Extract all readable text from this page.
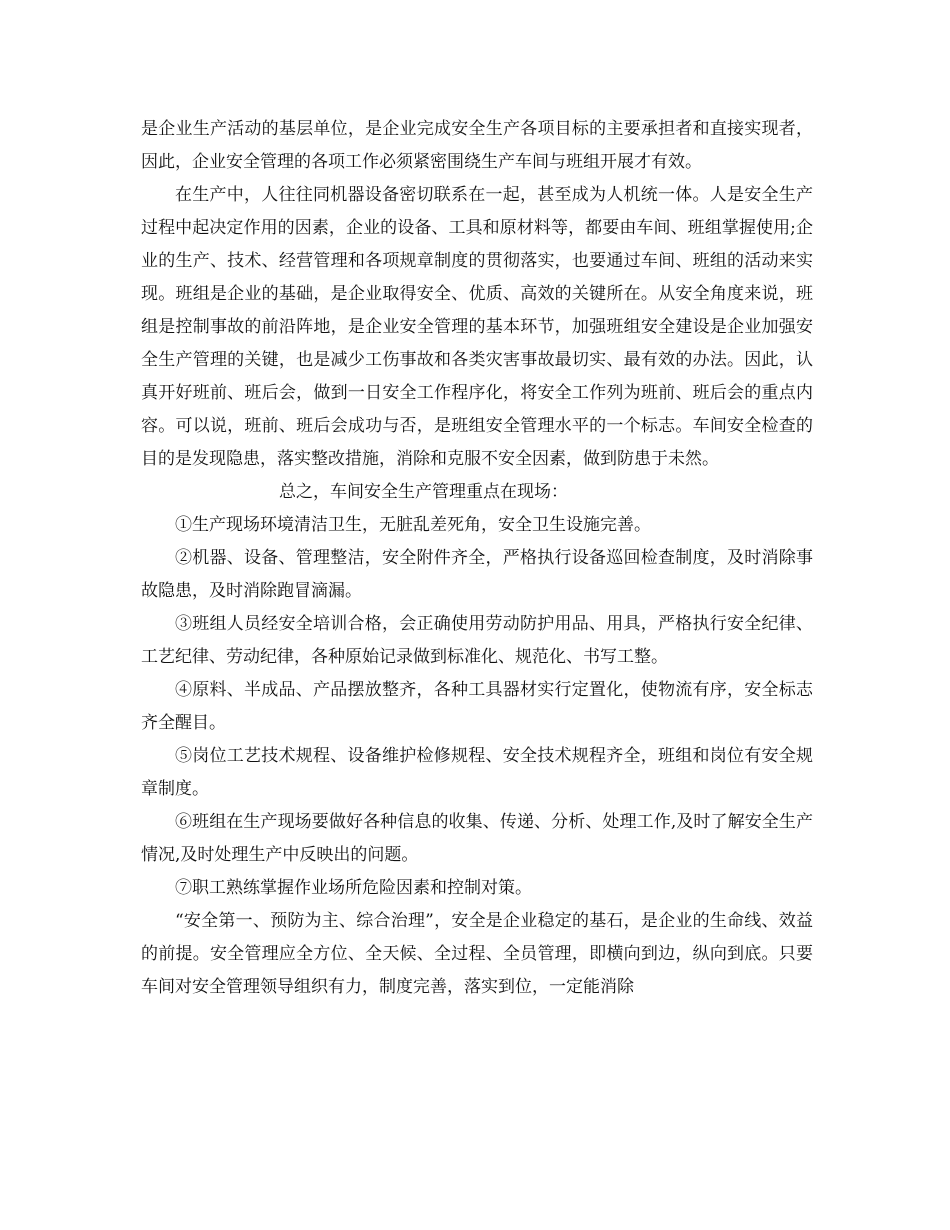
是企业生产活动的基层单位，是企业完成安全生产各项目标的主要承担者和直接实现者，因此，企业安全管理的各项工作必须紧密围绕生产车间与班组开展才有效。

在生产中，人往往同机器设备密切联系在一起，甚至成为人机统一体。人是安全生产过程中起决定作用的因素，企业的设备、工具和原材料等，都要由车间、班组掌握使用;企业的生产、技术、经营管理和各项规章制度的贯彻落实，也要通过车间、班组的活动来实现。班组是企业的基础，是企业取得安全、优质、高效的关键所在。从安全角度来说，班组是控制事故的前沿阵地，是企业安全管理的基本环节，加强班组安全建设是企业加强安全生产管理的关键，也是减少工伤事故和各类灾害事故最切实、最有效的办法。因此，认真开好班前、班后会，做到一日安全工作程序化，将安全工作列为班前、班后会的重点内容。可以说，班前、班后会成功与否，是班组安全管理水平的一个标志。车间安全检查的目的是发现隐患，落实整改措施，消除和克服不安全因素，做到防患于未然。

总之，车间安全生产管理重点在现场：

①生产现场环境清洁卫生，无脏乱差死角，安全卫生设施完善。

②机器、设备、管理整洁，安全附件齐全，严格执行设备巡回检查制度，及时消除事故隐患，及时消除跑冒滴漏。

③班组人员经安全培训合格，会正确使用劳动防护用品、用具，严格执行安全纪律、工艺纪律、劳动纪律，各种原始记录做到标准化、规范化、书写工整。

④原料、半成品、产品摆放整齐，各种工具器材实行定置化，使物流有序，安全标志齐全醒目。

⑤岗位工艺技术规程、设备维护检修规程、安全技术规程齐全，班组和岗位有安全规章制度。

⑥班组在生产现场要做好各种信息的收集、传递、分析、处理工作,及时了解安全生产情况,及时处理生产中反映出的问题。

⑦职工熟练掌握作业场所危险因素和控制对策。

“安全第一、预防为主、综合治理”，安全是企业稳定的基石，是企业的生命线、效益的前提。安全管理应全方位、全天候、全过程、全员管理，即横向到边，纵向到底。只要车间对安全管理领导组织有力，制度完善，落实到位，一定能消除
